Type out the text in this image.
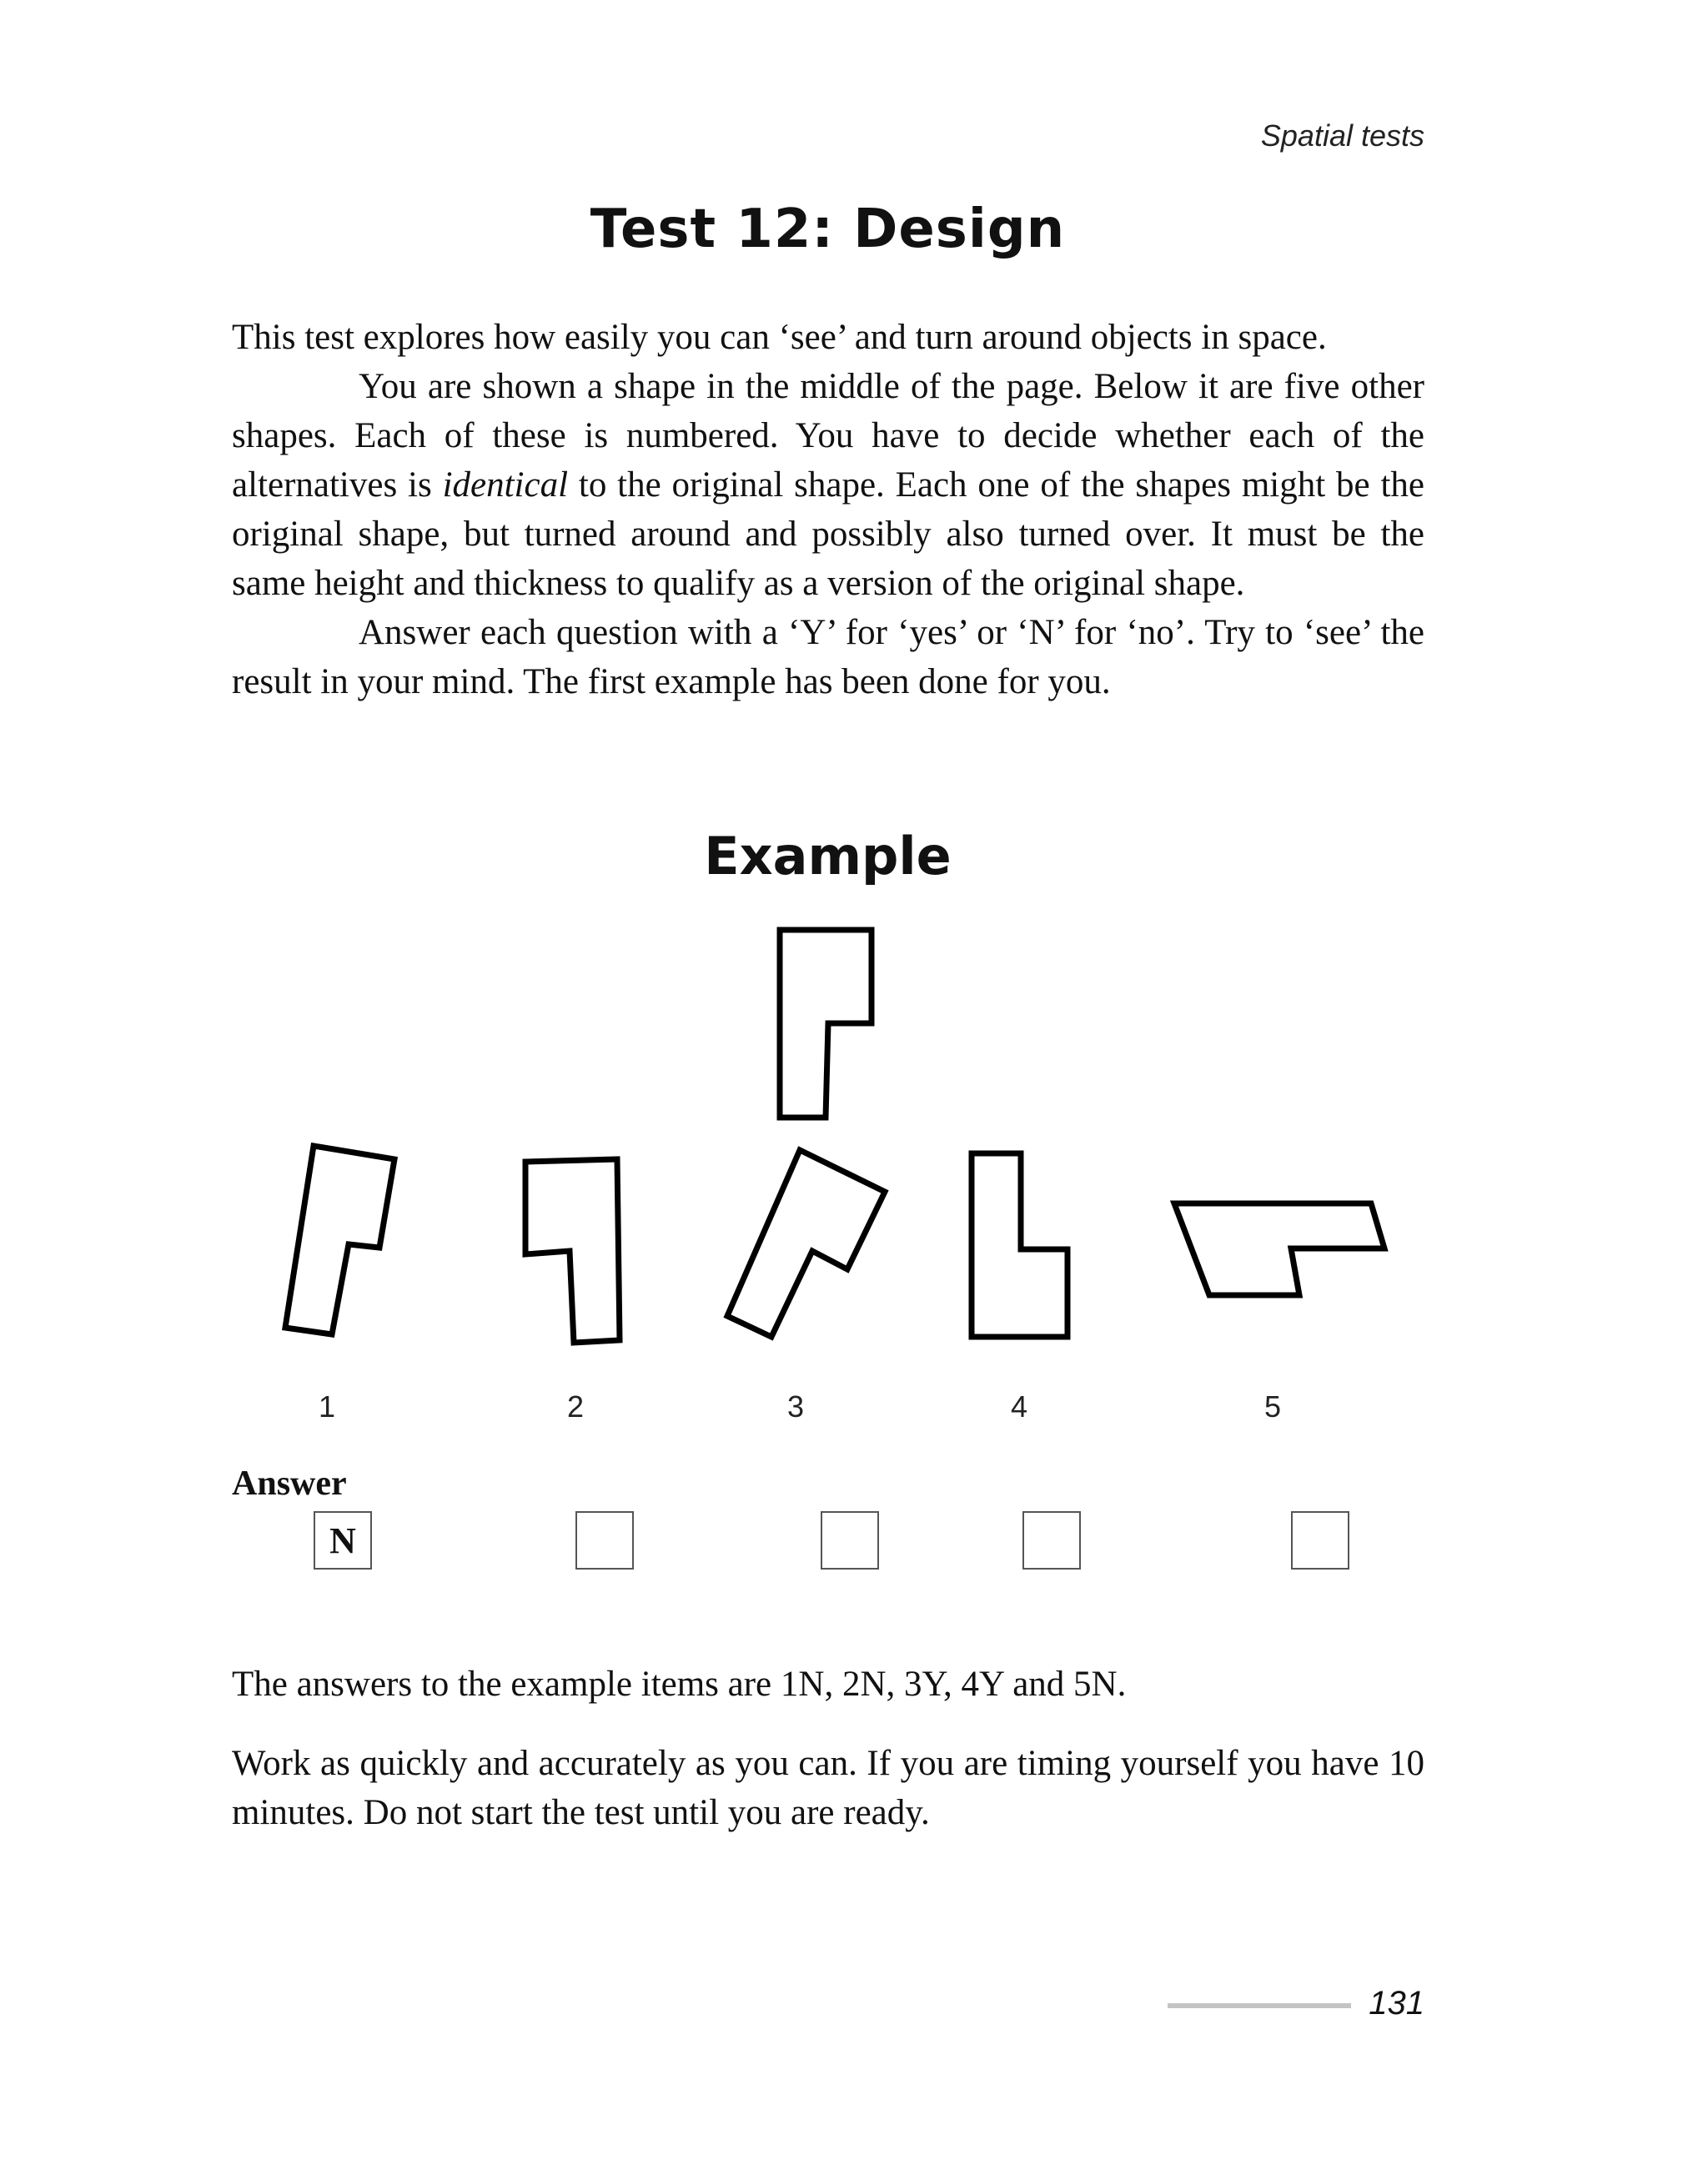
Spatial tests
Test 12: Design

This test explores how easily you can ‘see’ and turn around objects in space.

You are shown a shape in the middle of the page. Below it are five other shapes. Each of these is numbered. You have to decide whether each of the alternatives is identical to the original shape. Each one of the shapes might be the original shape, but turned around and possibly also turned over. It must be the same height and thickness to qualify as a version of the original shape.

Answer each question with a ‘Y’ for ‘yes’ or ‘N’ for ‘no’. Try to ‘see’ the result in your mind. The first example has been done for you.

Example
1	2	3	4	5
Answer
N

The answers to the example items are 1N, 2N, 3Y, 4Y and 5N.

Work as quickly and accurately as you can. If you are timing yourself you have 10 minutes. Do not start the test until you are ready.

131
